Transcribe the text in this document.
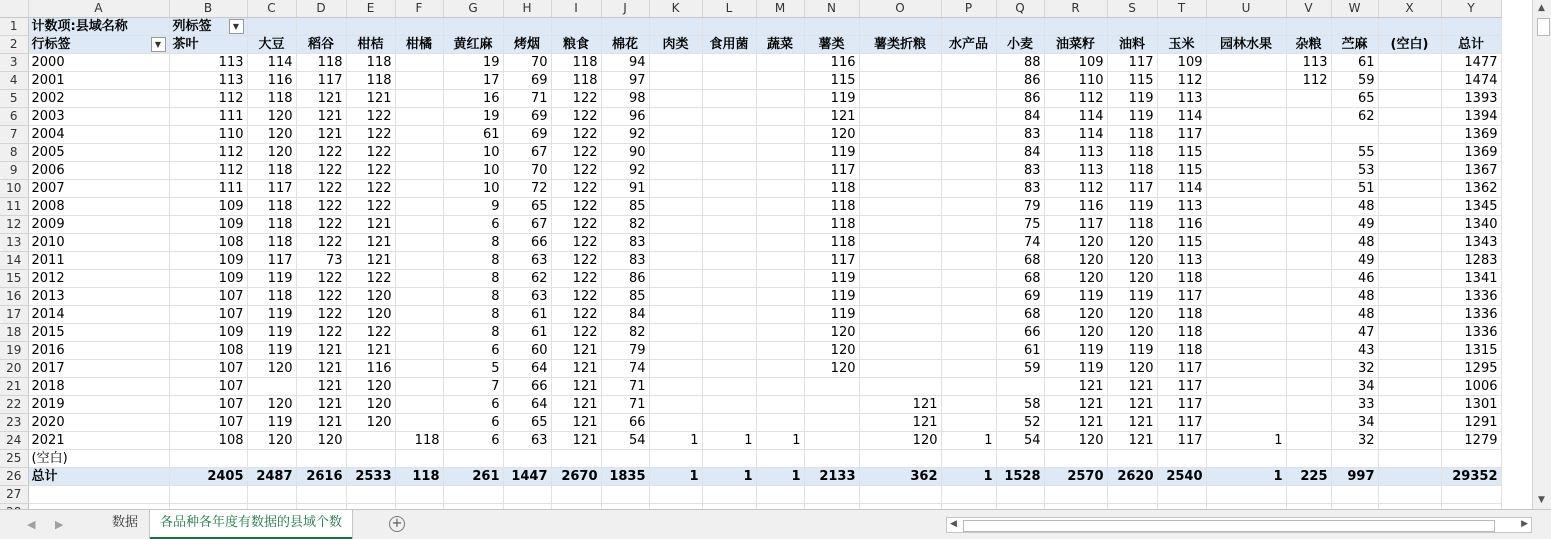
	A	B	C	D	E	F	G	H	I	J	K	L	M	N	O	P	Q	R	S	T	U	V	W	X	Y
1	计数项:县域名称	列标签 ▼																							

2	行标签 ▼	茶叶	大豆	稻谷	柑桔	柑橘	黄红麻	烤烟	粮食	棉花	肉类	食用菌	蔬菜	薯类	薯类折粮	水产品	小麦	油菜籽	油料	玉米	园林水果	杂粮	苎麻	(空白)	总计
3	2000	113	114	118	118		19	70	118	94				116			88	109	117	109		113	61		1477
4	2001	113	116	117	118		17	69	118	97				115			86	110	115	112		112	59		1474
5	2002	112	118	121	121		16	71	122	98				119			86	112	119	113			65		1393
6	2003	111	120	121	122		19	69	122	96				121			84	114	119	114			62		1394
7	2004	110	120	121	122		61	69	122	92				120			83	114	118	117					1369
8	2005	112	120	122	122		10	67	122	90				119			84	113	118	115			55		1369
9	2006	112	118	122	122		10	70	122	92				117			83	113	118	115			53		1367
10	2007	111	117	122	122		10	72	122	91				118			83	112	117	114			51		1362
11	2008	109	118	122	122		9	65	122	85				118			79	116	119	113			48		1345
12	2009	109	118	122	121		6	67	122	82				118			75	117	118	116			49		1340
13	2010	108	118	122	121		8	66	122	83				118			74	120	120	115			48		1343
14	2011	109	117	73	121		8	63	122	83				117			68	120	120	113			49		1283
15	2012	109	119	122	122		8	62	122	86				119			68	120	120	118			46		1341
16	2013	107	118	122	120		8	63	122	85				119			69	119	119	117			48		1336
17	2014	107	119	122	120		8	61	122	84				119			68	120	120	118			48		1336
18	2015	109	119	122	122		8	61	122	82				120			66	120	120	118			47		1336
19	2016	108	119	121	121		6	60	121	79				120			61	119	119	118			43		1315
20	2017	107	120	121	116		5	64	121	74				120			59	119	120	117			32		1295
21	2018	107		121	120		7	66	121	71								121	121	117			34		1006
22	2019	107	120	121	120		6	64	121	71					121		58	121	121	117			33		1301
23	2020	107	119	121	120		6	65	121	66					121		52	121	121	117			34		1291
24	2021	108	120	120		118	6	63	121	54	1	1	1		120	1	54	120	121	117	1		32		1279
25	(空白)																								
26	总计	2405	2487	2616	2533	118	261	1447	2670	1835	1	1	1	2133	362	1	1528	2570	2620	2540	1	225	997		29352
27																									

▲
▼
◀ ▶	数据	各品种各年度有数据的县域个数	+	◀	▶
